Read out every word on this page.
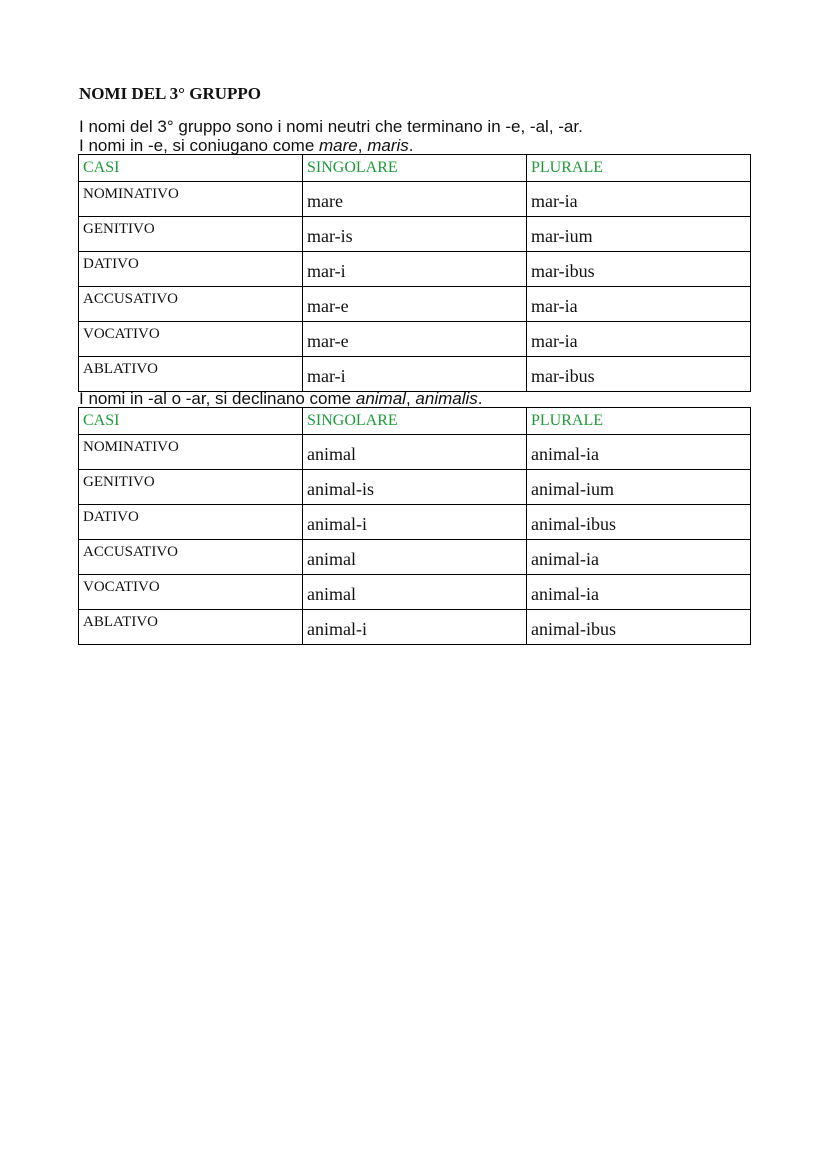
NOMI DEL 3° GRUPPO
I nomi del 3° gruppo sono i nomi neutri che terminano in -e, -al, -ar.
I nomi in -e, si coniugano come mare, maris.
CASI	SINGOLARE	PLURALE
NOMINATIVO	mare	mar-ia
GENITIVO	mar-is	mar-ium
DATIVO	mar-i	mar-ibus
ACCUSATIVO	mar-e	mar-ia
VOCATIVO	mar-e	mar-ia
ABLATIVO	mar-i	mar-ibus
I nomi in -al o -ar, si declinano come animal, animalis.
CASI	SINGOLARE	PLURALE
NOMINATIVO	animal	animal-ia
GENITIVO	animal-is	animal-ium
DATIVO	animal-i	animal-ibus
ACCUSATIVO	animal	animal-ia
VOCATIVO	animal	animal-ia
ABLATIVO	animal-i	animal-ibus
